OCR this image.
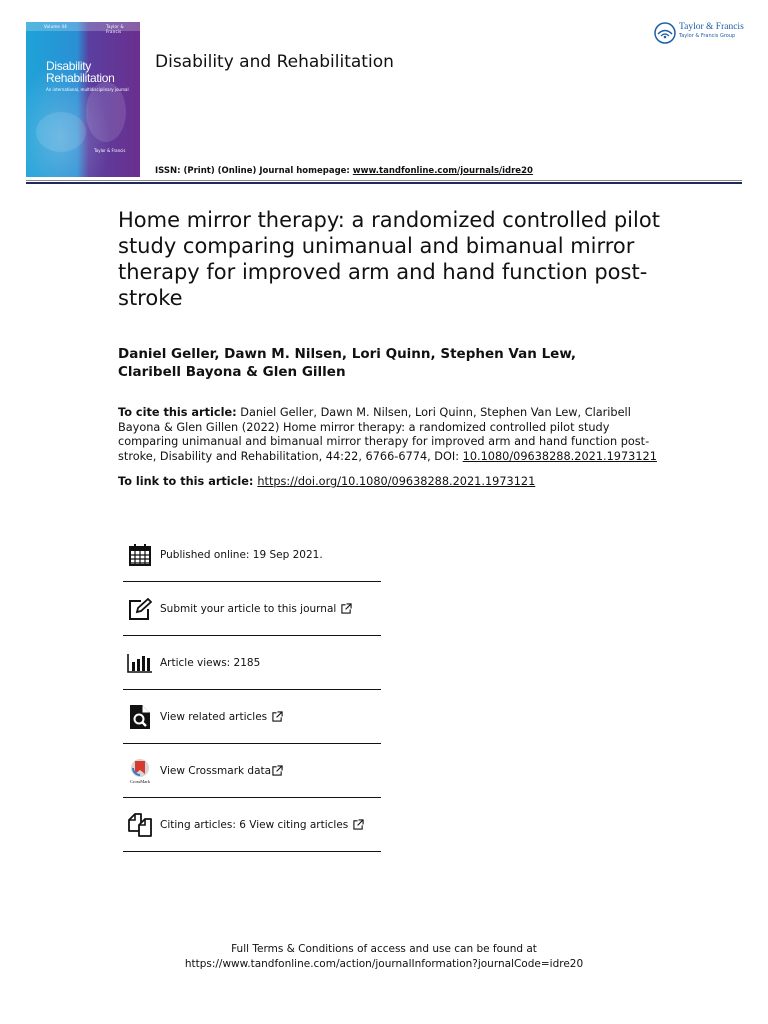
Volume 44	Taylor & Francis
Disability
Rehabilitation
An international, multidisciplinary journal
Taylor & Francis
Disability and Rehabilitation
ISSN: (Print) (Online) Journal homepage: www.tandfonline.com/journals/idre20
Taylor & Francis
Taylor & Francis Group
Home mirror therapy: a randomized controlled pilot study comparing unimanual and bimanual mirror therapy for improved arm and hand function post-stroke
Daniel Geller, Dawn M. Nilsen, Lori Quinn, Stephen Van Lew, Claribell Bayona & Glen Gillen
To cite this article: Daniel Geller, Dawn M. Nilsen, Lori Quinn, Stephen Van Lew, Claribell Bayona & Glen Gillen (2022) Home mirror therapy: a randomized controlled pilot study comparing unimanual and bimanual mirror therapy for improved arm and hand function post-stroke, Disability and Rehabilitation, 44:22, 6766-6774, DOI: 10.1080/09638288.2021.1973121
To link to this article: https://doi.org/10.1080/09638288.2021.1973121
Published online: 19 Sep 2021.
Submit your article to this journal
Article views: 2185
View related articles
CrossMark
View Crossmark data
Citing articles: 6 View citing articles
Full Terms & Conditions of access and use can be found at
https://www.tandfonline.com/action/journalInformation?journalCode=idre20
